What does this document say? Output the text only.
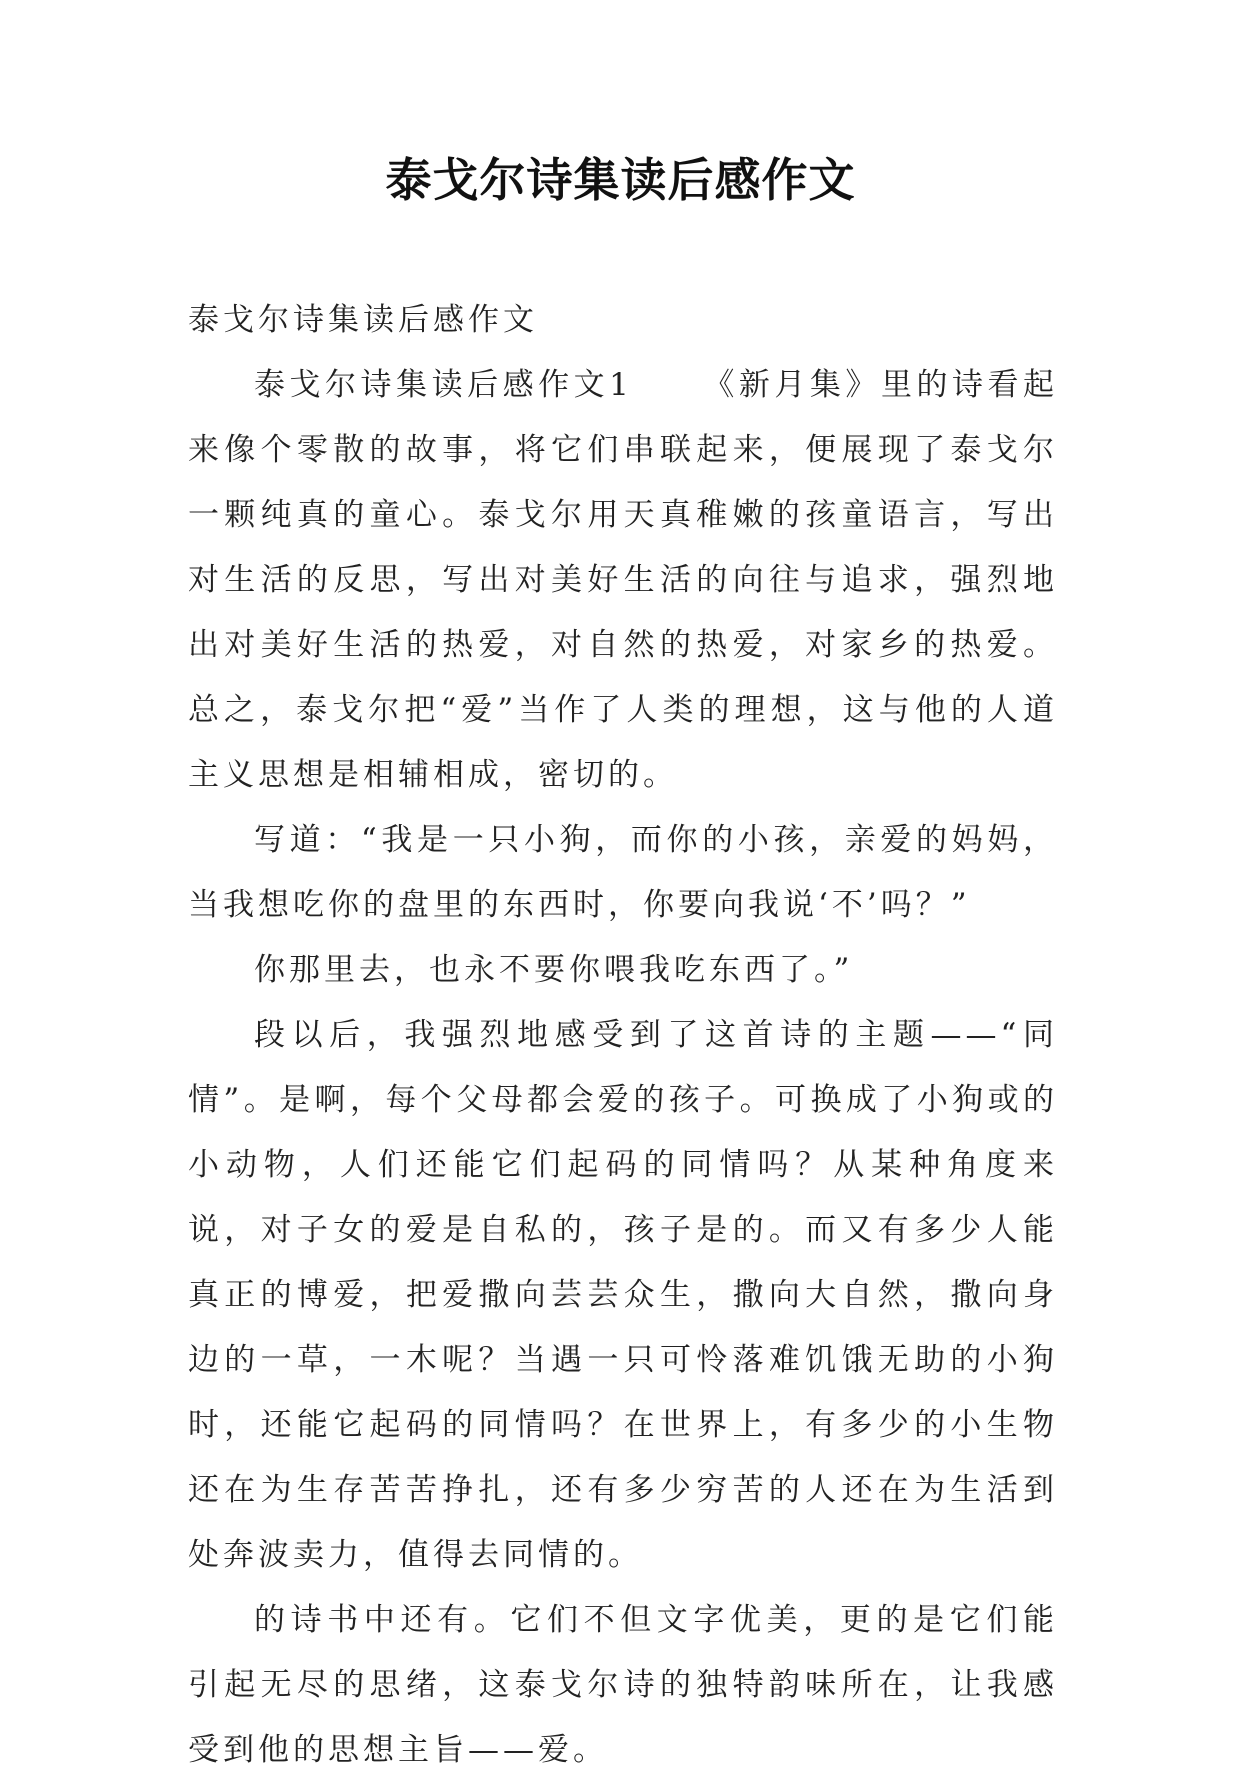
泰戈尔诗集读后感作文

泰戈尔诗集读后感作文

泰戈尔诗集读后感作文1 《新月集》里的诗看起来像个零散的故事，将它们串联起来，便展现了泰戈尔一颗纯真的童心。泰戈尔用天真稚嫩的孩童语言，写出对生活的反思，写出对美好生活的向往与追求，强烈地出对美好生活的热爱，对自然的热爱，对家乡的热爱。总之，泰戈尔把“爱”当作了人类的理想，这与他的人道主义思想是相辅相成，密切的。

写道：“我是一只小狗，而你的小孩，亲爱的妈妈，当我想吃你的盘里的东西时，你要向我说‘不’吗？”

你那里去，也永不要你喂我吃东西了。”

段以后，我强烈地感受到了这首诗的主题——“同情”。是啊，每个父母都会爱的孩子。可换成了小狗或的小动物，人们还能它们起码的同情吗？从某种角度来说，对子女的爱是自私的，孩子是的。而又有多少人能真正的博爱，把爱撒向芸芸众生，撒向大自然，撒向身边的一草，一木呢？当遇一只可怜落难饥饿无助的小狗时，还能它起码的同情吗？在世界上，有多少的小生物还在为生存苦苦挣扎，还有多少穷苦的人还在为生活到处奔波卖力，值得去同情的。

的诗书中还有。它们不但文字优美，更的是它们能引起无尽的思绪，这泰戈尔诗的独特韵味所在，让我感受到他的思想主旨——爱。
